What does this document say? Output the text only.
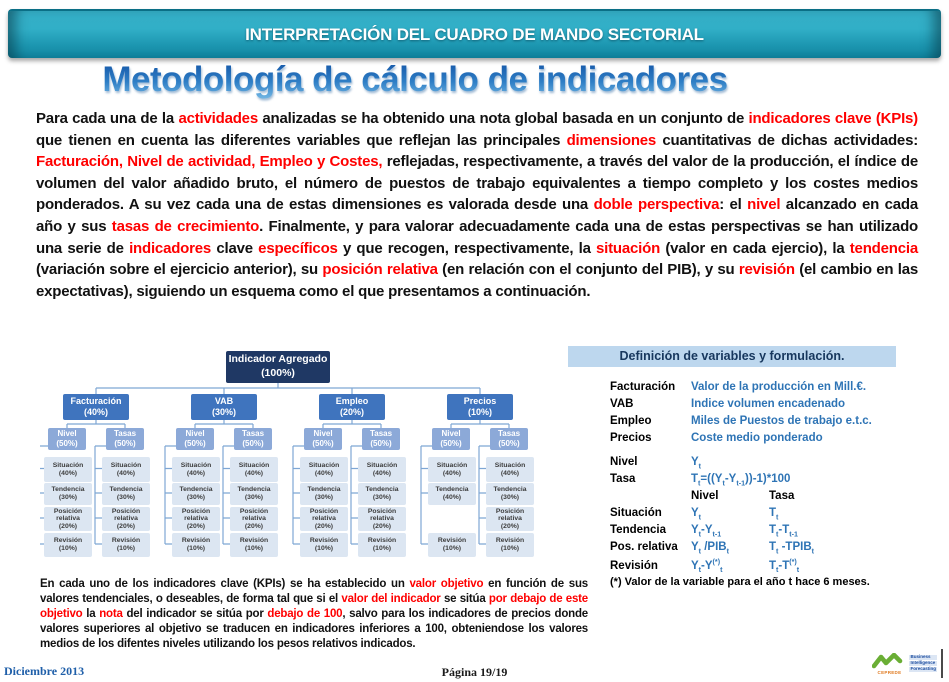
INTERPRETACIÓN DEL CUADRO DE MANDO SECTORIAL
Metodología de cálculo de indicadores

Para cada una de la actividades analizadas se ha obtenido una nota global basada en un conjunto de indicadores clave (KPIs) que tienen en cuenta las diferentes variables que reflejan las principales dimensiones cuantitativas de dichas actividades: Facturación, Nivel de actividad, Empleo y Costes, reflejadas, respectivamente, a través del valor de la producción, el índice de volumen del valor añadido bruto, el número de puestos de trabajo equivalentes a tiempo completo y los costes medios ponderados. A su vez cada una de estas dimensiones es valorada desde una doble perspectiva: el nivel alcanzado en cada año y sus tasas de crecimiento. Finalmente, y para valorar adecuadamente cada una de estas perspectivas se han utilizado una serie de indicadores clave específicos y que recogen, respectivamente, la situación (valor en cada ejercio), la tendencia (variación sobre el ejercicio anterior), su posición relativa (en relación con el conjunto del PIB), y su revisión (el cambio en las expectativas), siguiendo un esquema como el que presentamos a continuación.

Indicador Agregado
(100%)
Facturación
(40%)
Nivel
(50%)
Situación
(40%)
Tendencia
(30%)
Posición relativa
(20%)
Revisión
(10%)
Tasas
(50%)
Situación
(40%)
Tendencia
(30%)
Posición relativa
(20%)
Revisión
(10%)
VAB
(30%)
Nivel
(50%)
Situación
(40%)
Tendencia
(30%)
Posición relativa
(20%)
Revisión
(10%)
Tasas
(50%)
Situación
(40%)
Tendencia
(30%)
Posición relativa
(20%)
Revisión
(10%)
Empleo
(20%)
Nivel
(50%)
Situación
(40%)
Tendencia
(30%)
Posición relativa
(20%)
Revisión
(10%)
Tasas
(50%)
Situación
(40%)
Tendencia
(30%)
Posición relativa
(20%)
Revisión
(10%)
Precios
(10%)
Nivel
(50%)
Situación
(40%)
Tendencia
(40%)
Revisión
(10%)
Tasas
(50%)
Situación
(40%)
Tendencia
(30%)
Posición relativa
(20%)
Revisión
(10%)
Definición de variables y formulación.
Facturación	Valor de la producción en Mill.€.
VAB	Indice volumen encadenado
Empleo	Miles de Puestos de trabajo e.t.c.
Precios	Coste medio ponderado
Nivel	$Y_t$
Tasa	$T_t=((Y_t-Y_{t-1}))-1)*100$
Nivel	Tasa
Situación	$Y_t$	$T_t$
Tendencia	$Y_t-Y_{t-1}$	$T_t-T_{t-1}$
Pos. relativa	$Y_t$ $/PIB_t$	$T_t$ $-TPIB_t$
Revisión	$Y_t-Y^{(*)}_t$	$T_t-T^{(*)}_t$
(*) Valor de la variable para el año t hace 6 meses.

En cada uno de los indicadores clave (KPIs) se ha establecido un valor objetivo en función de sus valores tendenciales, o deseables, de forma tal que si el valor del indicador se sitúa por debajo de este objetivo la nota del indicador se sitúa por debajo de 100, salvo para los indicadores de precios donde valores superiores al objetivo se traducen en indicadores inferiores a 100, obteniendose los valores medios de los difentes niveles utilizando los pesos relativos indicados.

Diciembre 2013	Página 19/19	CEPREDE
Business
Intelligence
Forecasting
